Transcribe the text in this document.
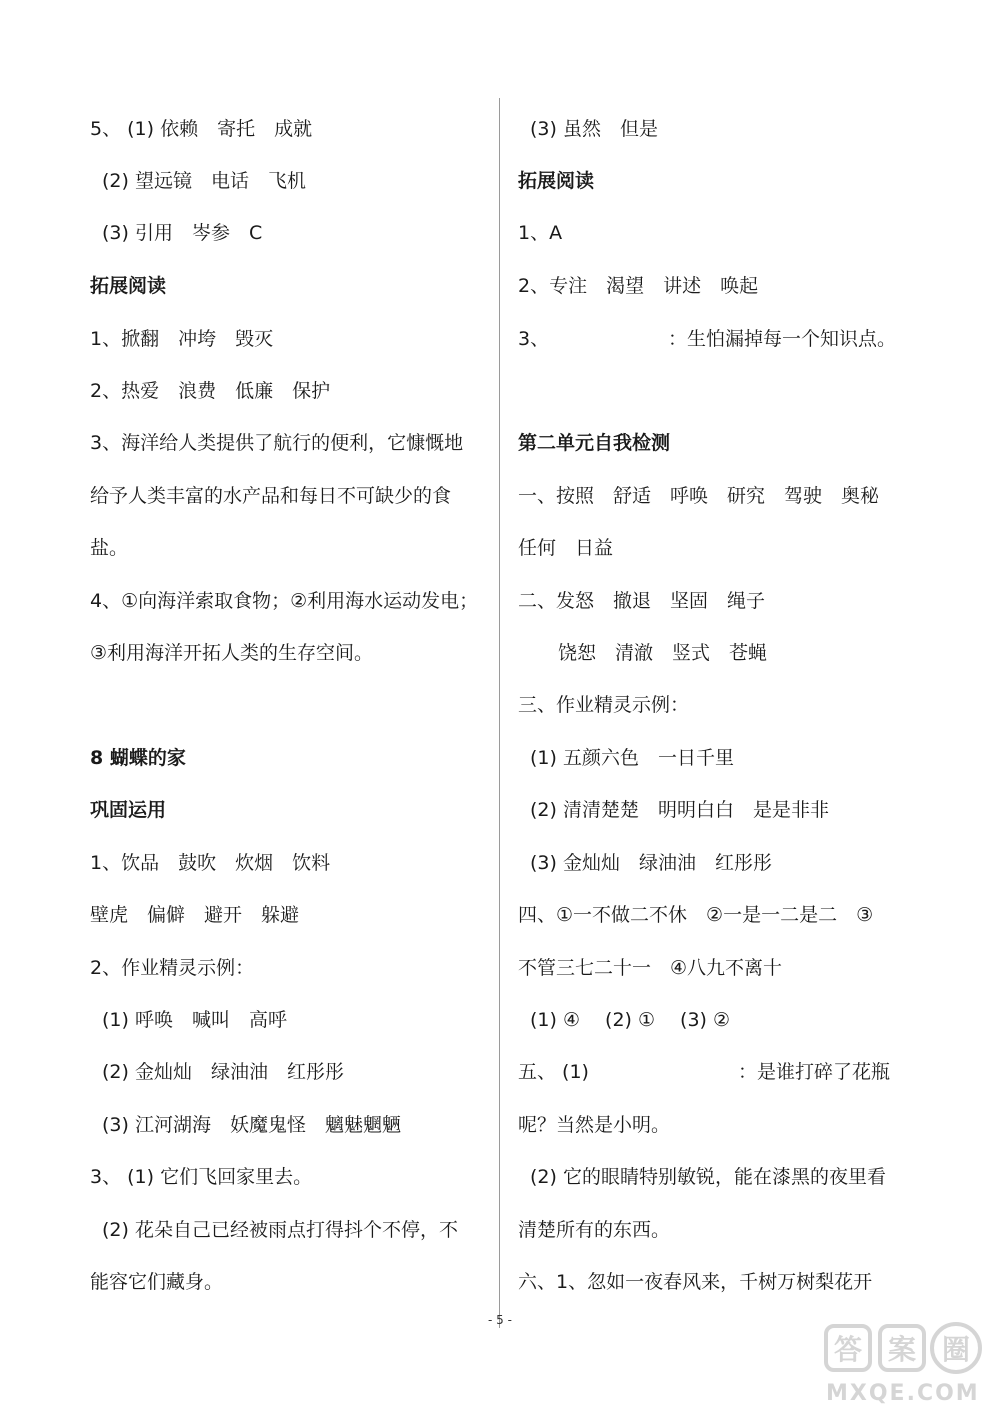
5、 (1) 依赖　寄托　成就
(2) 望远镜　电话　飞机
(3) 引用　岑参　C
拓展阅读
1、掀翻　冲垮　毁灭
2、热爱　浪费　低廉　保护
3、海洋给人类提供了航行的便利，它慷慨地
给予人类丰富的水产品和每日不可缺少的食
盐。
4、①向海洋索取食物；②利用海水运动发电；
③利用海洋开拓人类的生存空间。
8 蝴蝶的家
巩固运用
1、饮品　鼓吹　炊烟　饮料
壁虎　偏僻　避开　躲避
2、作业精灵示例：
(1) 呼唤　喊叫　高呼
(2) 金灿灿　绿油油　红彤彤
(3) 江河湖海　妖魔鬼怪　魑魅魍魉
3、 (1) 它们飞回家里去。
(2) 花朵自己已经被雨点打得抖个不停，不
能容它们藏身。
(3) 虽然　但是
拓展阅读
1、A
2、专注　渴望　讲述　唤起
3、	：生怕漏掉每一个知识点。
第二单元自我检测
一、按照　舒适　呼唤　研究　驾驶　奥秘
任何　日益
二、发怒　撤退　坚固　绳子
饶恕　清澈　竖式　苍蝇
三、作业精灵示例：
(1) 五颜六色　一日千里
(2) 清清楚楚　明明白白　是是非非
(3) 金灿灿　绿油油　红彤彤
四、①一不做二不休　②一是一二是二　③
不管三七二十一　④八九不离十
(1) ④　 (2) ①　 (3) ②
五、 (1)	：是谁打碎了花瓶
呢？当然是小明。
(2) 它的眼睛特别敏锐，能在漆黑的夜里看
清楚所有的东西。
六、1、忽如一夜春风来，千树万树梨花开
- 5 -
答 案 圈
MXQE.COM
